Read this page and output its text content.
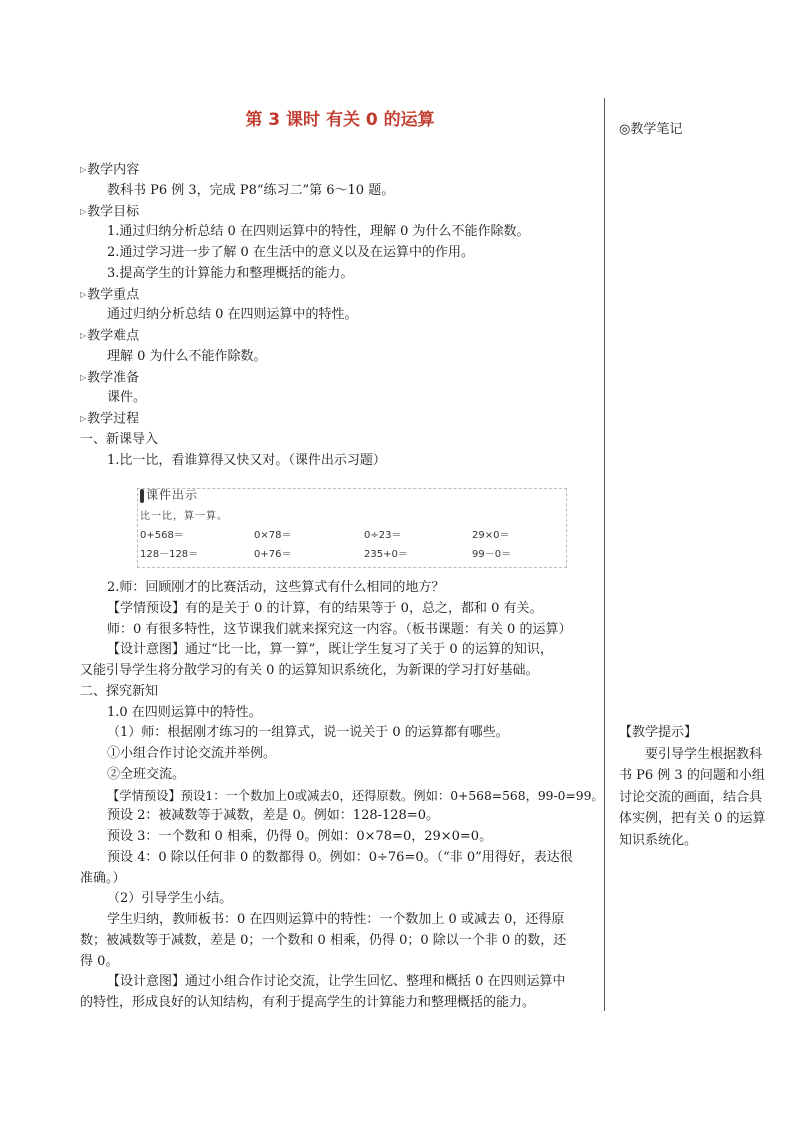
第 3 课时 有关 0 的运算	◎教学笔记
【教学提示】
要引导学生根据教科书 P6 例 3 的问题和小组讨论交流的画面，结合具体实例，把有关 0 的运算知识系统化。
▷教学内容
教科书 P6 例 3，完成 P8“练习二”第 6～10 题。
▷教学目标
1.通过归纳分析总结 0 在四则运算中的特性，理解 0 为什么不能作除数。
2.通过学习进一步了解 0 在生活中的意义以及在运算中的作用。
3.提高学生的计算能力和整理概括的能力。
▷教学重点
通过归纳分析总结 0 在四则运算中的特性。
▷教学难点
理解 0 为什么不能作除数。
▷教学准备
课件。
▷教学过程
一、新课导入
1.比一比，看谁算得又快又对。（课件出示习题）
2.师：回顾刚才的比赛活动，这些算式有什么相同的地方？
【学情预设】有的是关于 0 的计算，有的结果等于 0，总之，都和 0 有关。
师：0 有很多特性，这节课我们就来探究这一内容。（板书课题：有关 0 的运算）
【设计意图】通过“比一比，算一算”，既让学生复习了关于 0 的运算的知识，
又能引导学生将分散学习的有关 0 的运算知识系统化，为新课的学习打好基础。
二、探究新知
1.0 在四则运算中的特性。
（1）师：根据刚才练习的一组算式，说一说关于 0 的运算都有哪些。
①小组合作讨论交流并举例。
②全班交流。
【学情预设】预设1：一个数加上0或减去0，还得原数。例如：0+568=568，99-0=99。
预设 2：被减数等于减数，差是 0。例如：128-128=0。
预设 3：一个数和 0 相乘，仍得 0。例如：0×78=0，29×0=0。
预设 4：0 除以任何非 0 的数都得 0。例如：0÷76=0。（“非 0”用得好，表达很
准确。）
（2）引导学生小结。
学生归纳，教师板书：0 在四则运算中的特性：一个数加上 0 或减去 0，还得原
数；被减数等于减数，差是 0；一个数和 0 相乘，仍得 0；0 除以一个非 0 的数，还
得 0。
【设计意图】通过小组合作讨论交流，让学生回忆、整理和概括 0 在四则运算中
的特性，形成良好的认知结构，有利于提高学生的计算能力和整理概括的能力。
课件出示
比一比，算一算。
0+568＝	0×78＝	0÷23＝	29×0＝
128－128＝	0+76＝	235+0＝	99－0＝
